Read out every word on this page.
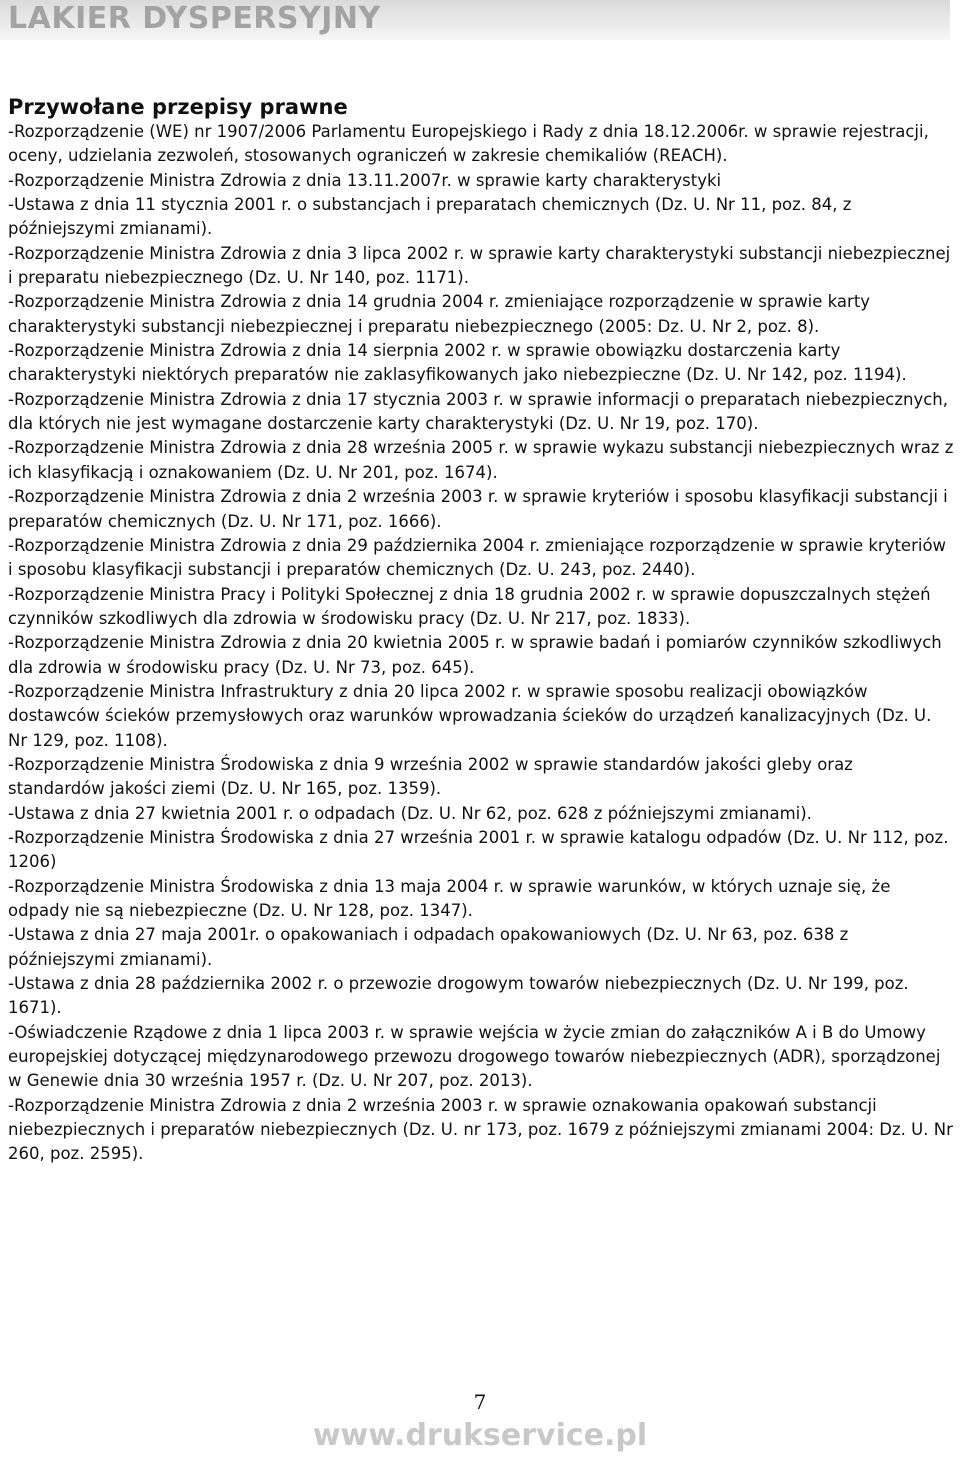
LAKIER DYSPERSYJNY
Przywołane przepisy prawne

-Rozporządzenie (WE) nr 1907/2006 Parlamentu Europejskiego i Rady z dnia 18.12.2006r. w sprawie rejestracji, oceny, udzielania zezwoleń, stosowanych ograniczeń w zakresie chemikaliów (REACH).

-Rozporządzenie Ministra Zdrowia z dnia 13.11.2007r. w sprawie karty charakterystyki

-Ustawa z dnia 11 stycznia 2001 r. o substancjach i preparatach chemicznych (Dz. U. Nr 11, poz. 84, z późniejszymi zmianami).

-Rozporządzenie Ministra Zdrowia z dnia 3 lipca 2002 r. w sprawie karty charakterystyki substancji niebezpiecznej i preparatu niebezpiecznego (Dz. U. Nr 140, poz. 1171).

-Rozporządzenie Ministra Zdrowia z dnia 14 grudnia 2004 r. zmieniające rozporządzenie w sprawie karty charakterystyki substancji niebezpiecznej i preparatu niebezpiecznego (2005: Dz. U. Nr 2, poz. 8).

-Rozporządzenie Ministra Zdrowia z dnia 14 sierpnia 2002 r. w sprawie obowiązku dostarczenia karty charakterystyki niektórych preparatów nie zaklasyfikowanych jako niebezpieczne (Dz. U. Nr 142, poz. 1194).

-Rozporządzenie Ministra Zdrowia z dnia 17 stycznia 2003 r. w sprawie informacji o preparatach niebezpiecznych, dla których nie jest wymagane dostarczenie karty charakterystyki (Dz. U. Nr 19, poz. 170).

-Rozporządzenie Ministra Zdrowia z dnia 28 września 2005 r. w sprawie wykazu substancji niebezpiecznych wraz z ich klasyfikacją i oznakowaniem (Dz. U. Nr 201, poz. 1674).

-Rozporządzenie Ministra Zdrowia z dnia 2 września 2003 r. w sprawie kryteriów i sposobu klasyfikacji substancji i preparatów chemicznych (Dz. U. Nr 171, poz. 1666).

-Rozporządzenie Ministra Zdrowia z dnia 29 października 2004 r. zmieniające rozporządzenie w sprawie kryteriów i sposobu klasyfikacji substancji i preparatów chemicznych (Dz. U. 243, poz. 2440).

-Rozporządzenie Ministra Pracy i Polityki Społecznej z dnia 18 grudnia 2002 r. w sprawie dopuszczalnych stężeń czynników szkodliwych dla zdrowia w środowisku pracy (Dz. U. Nr 217, poz. 1833).

-Rozporządzenie Ministra Zdrowia z dnia 20 kwietnia 2005 r. w sprawie badań i pomiarów czynników szkodliwych dla zdrowia w środowisku pracy (Dz. U. Nr 73, poz. 645).

-Rozporządzenie Ministra Infrastruktury z dnia 20 lipca 2002 r. w sprawie sposobu realizacji obowiązków dostawców ścieków przemysłowych oraz warunków wprowadzania ścieków do urządzeń kanalizacyjnych (Dz. U. Nr 129, poz. 1108).

-Rozporządzenie Ministra Środowiska z dnia 9 września 2002 w sprawie standardów jakości gleby oraz standardów jakości ziemi (Dz. U. Nr 165, poz. 1359).

-Ustawa z dnia 27 kwietnia 2001 r. o odpadach (Dz. U. Nr 62, poz. 628 z późniejszymi zmianami).

-Rozporządzenie Ministra Środowiska z dnia 27 września 2001 r. w sprawie katalogu odpadów (Dz. U. Nr 112, poz. 1206)

-Rozporządzenie Ministra Środowiska z dnia 13 maja 2004 r. w sprawie warunków, w których uznaje się, że odpady nie są niebezpieczne (Dz. U. Nr 128, poz. 1347).

-Ustawa z dnia 27 maja 2001r. o opakowaniach i odpadach opakowaniowych (Dz. U. Nr 63, poz. 638 z późniejszymi zmianami).

-Ustawa z dnia 28 października 2002 r. o przewozie drogowym towarów niebezpiecznych (Dz. U. Nr 199, poz. 1671).

-Oświadczenie Rządowe z dnia 1 lipca 2003 r. w sprawie wejścia w życie zmian do załączników A i B do Umowy europejskiej dotyczącej międzynarodowego przewozu drogowego towarów niebezpiecznych (ADR), sporządzonej w Genewie dnia 30 września 1957 r. (Dz. U. Nr 207, poz. 2013).

-Rozporządzenie Ministra Zdrowia z dnia 2 września 2003 r. w sprawie oznakowania opakowań substancji niebezpiecznych i preparatów niebezpiecznych (Dz. U. nr 173, poz. 1679 z późniejszymi zmianami 2004: Dz. U. Nr 260, poz. 2595).

7
www.drukservice.pl
